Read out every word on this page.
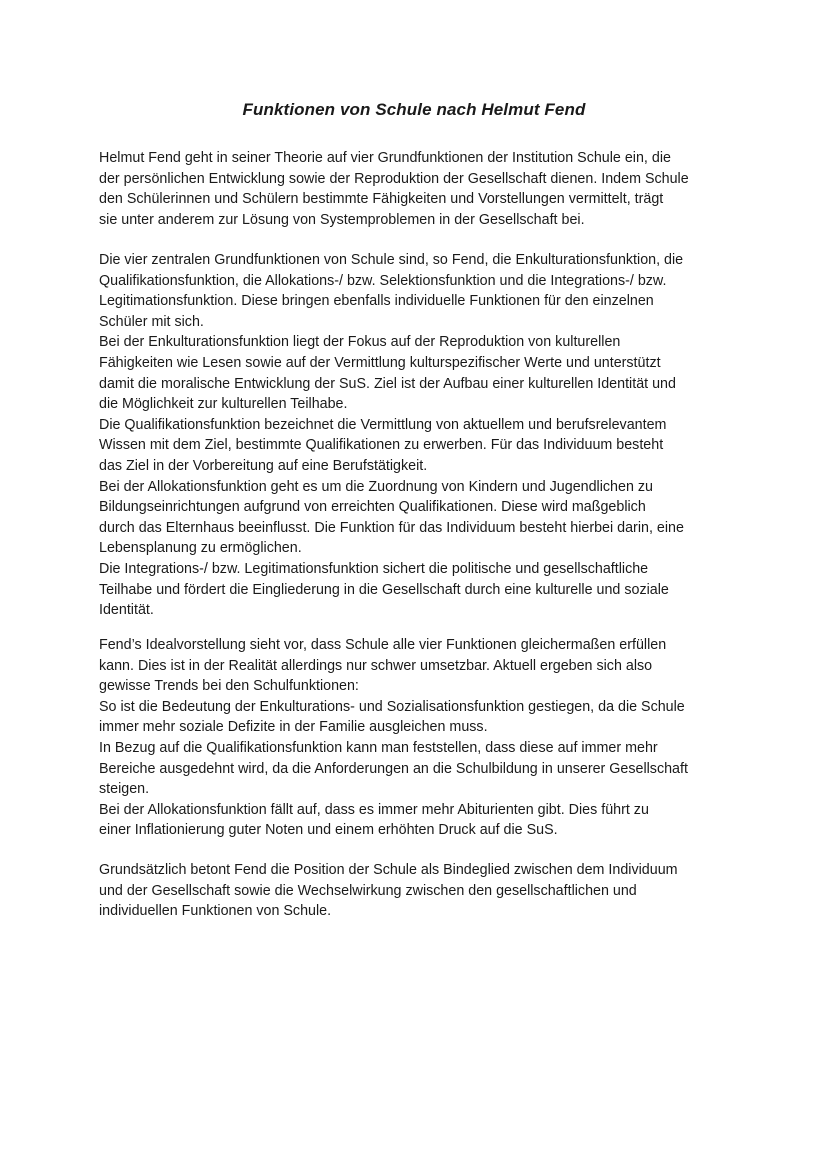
Funktionen von Schule nach Helmut Fend
Helmut Fend geht in seiner Theorie auf vier Grundfunktionen der Institution Schule ein, die
der persönlichen Entwicklung sowie der Reproduktion der Gesellschaft dienen. Indem Schule
den Schülerinnen und Schülern bestimmte Fähigkeiten und Vorstellungen vermittelt, trägt
sie unter anderem zur Lösung von Systemproblemen in der Gesellschaft bei.
Die vier zentralen Grundfunktionen von Schule sind, so Fend, die Enkulturationsfunktion, die
Qualifikationsfunktion, die Allokations-/ bzw. Selektionsfunktion und die Integrations-/ bzw.
Legitimationsfunktion. Diese bringen ebenfalls individuelle Funktionen für den einzelnen
Schüler mit sich.
Bei der Enkulturationsfunktion liegt der Fokus auf der Reproduktion von kulturellen
Fähigkeiten wie Lesen sowie auf der Vermittlung kulturspezifischer Werte und unterstützt
damit die moralische Entwicklung der SuS. Ziel ist der Aufbau einer kulturellen Identität und
die Möglichkeit zur kulturellen Teilhabe.
Die Qualifikationsfunktion bezeichnet die Vermittlung von aktuellem und berufsrelevantem
Wissen mit dem Ziel, bestimmte Qualifikationen zu erwerben. Für das Individuum besteht
das Ziel in der Vorbereitung auf eine Berufstätigkeit.
Bei der Allokationsfunktion geht es um die Zuordnung von Kindern und Jugendlichen zu
Bildungseinrichtungen aufgrund von erreichten Qualifikationen. Diese wird maßgeblich
durch das Elternhaus beeinflusst. Die Funktion für das Individuum besteht hierbei darin, eine
Lebensplanung zu ermöglichen.
Die Integrations-/ bzw. Legitimationsfunktion sichert die politische und gesellschaftliche
Teilhabe und fördert die Eingliederung in die Gesellschaft durch eine kulturelle und soziale
Identität.
Fend’s Idealvorstellung sieht vor, dass Schule alle vier Funktionen gleichermaßen erfüllen
kann. Dies ist in der Realität allerdings nur schwer umsetzbar. Aktuell ergeben sich also
gewisse Trends bei den Schulfunktionen:
So ist die Bedeutung der Enkulturations- und Sozialisationsfunktion gestiegen, da die Schule
immer mehr soziale Defizite in der Familie ausgleichen muss.
In Bezug auf die Qualifikationsfunktion kann man feststellen, dass diese auf immer mehr
Bereiche ausgedehnt wird, da die Anforderungen an die Schulbildung in unserer Gesellschaft
steigen.
Bei der Allokationsfunktion fällt auf, dass es immer mehr Abiturienten gibt. Dies führt zu
einer Inflationierung guter Noten und einem erhöhten Druck auf die SuS.
Grundsätzlich betont Fend die Position der Schule als Bindeglied zwischen dem Individuum
und der Gesellschaft sowie die Wechselwirkung zwischen den gesellschaftlichen und
individuellen Funktionen von Schule.
